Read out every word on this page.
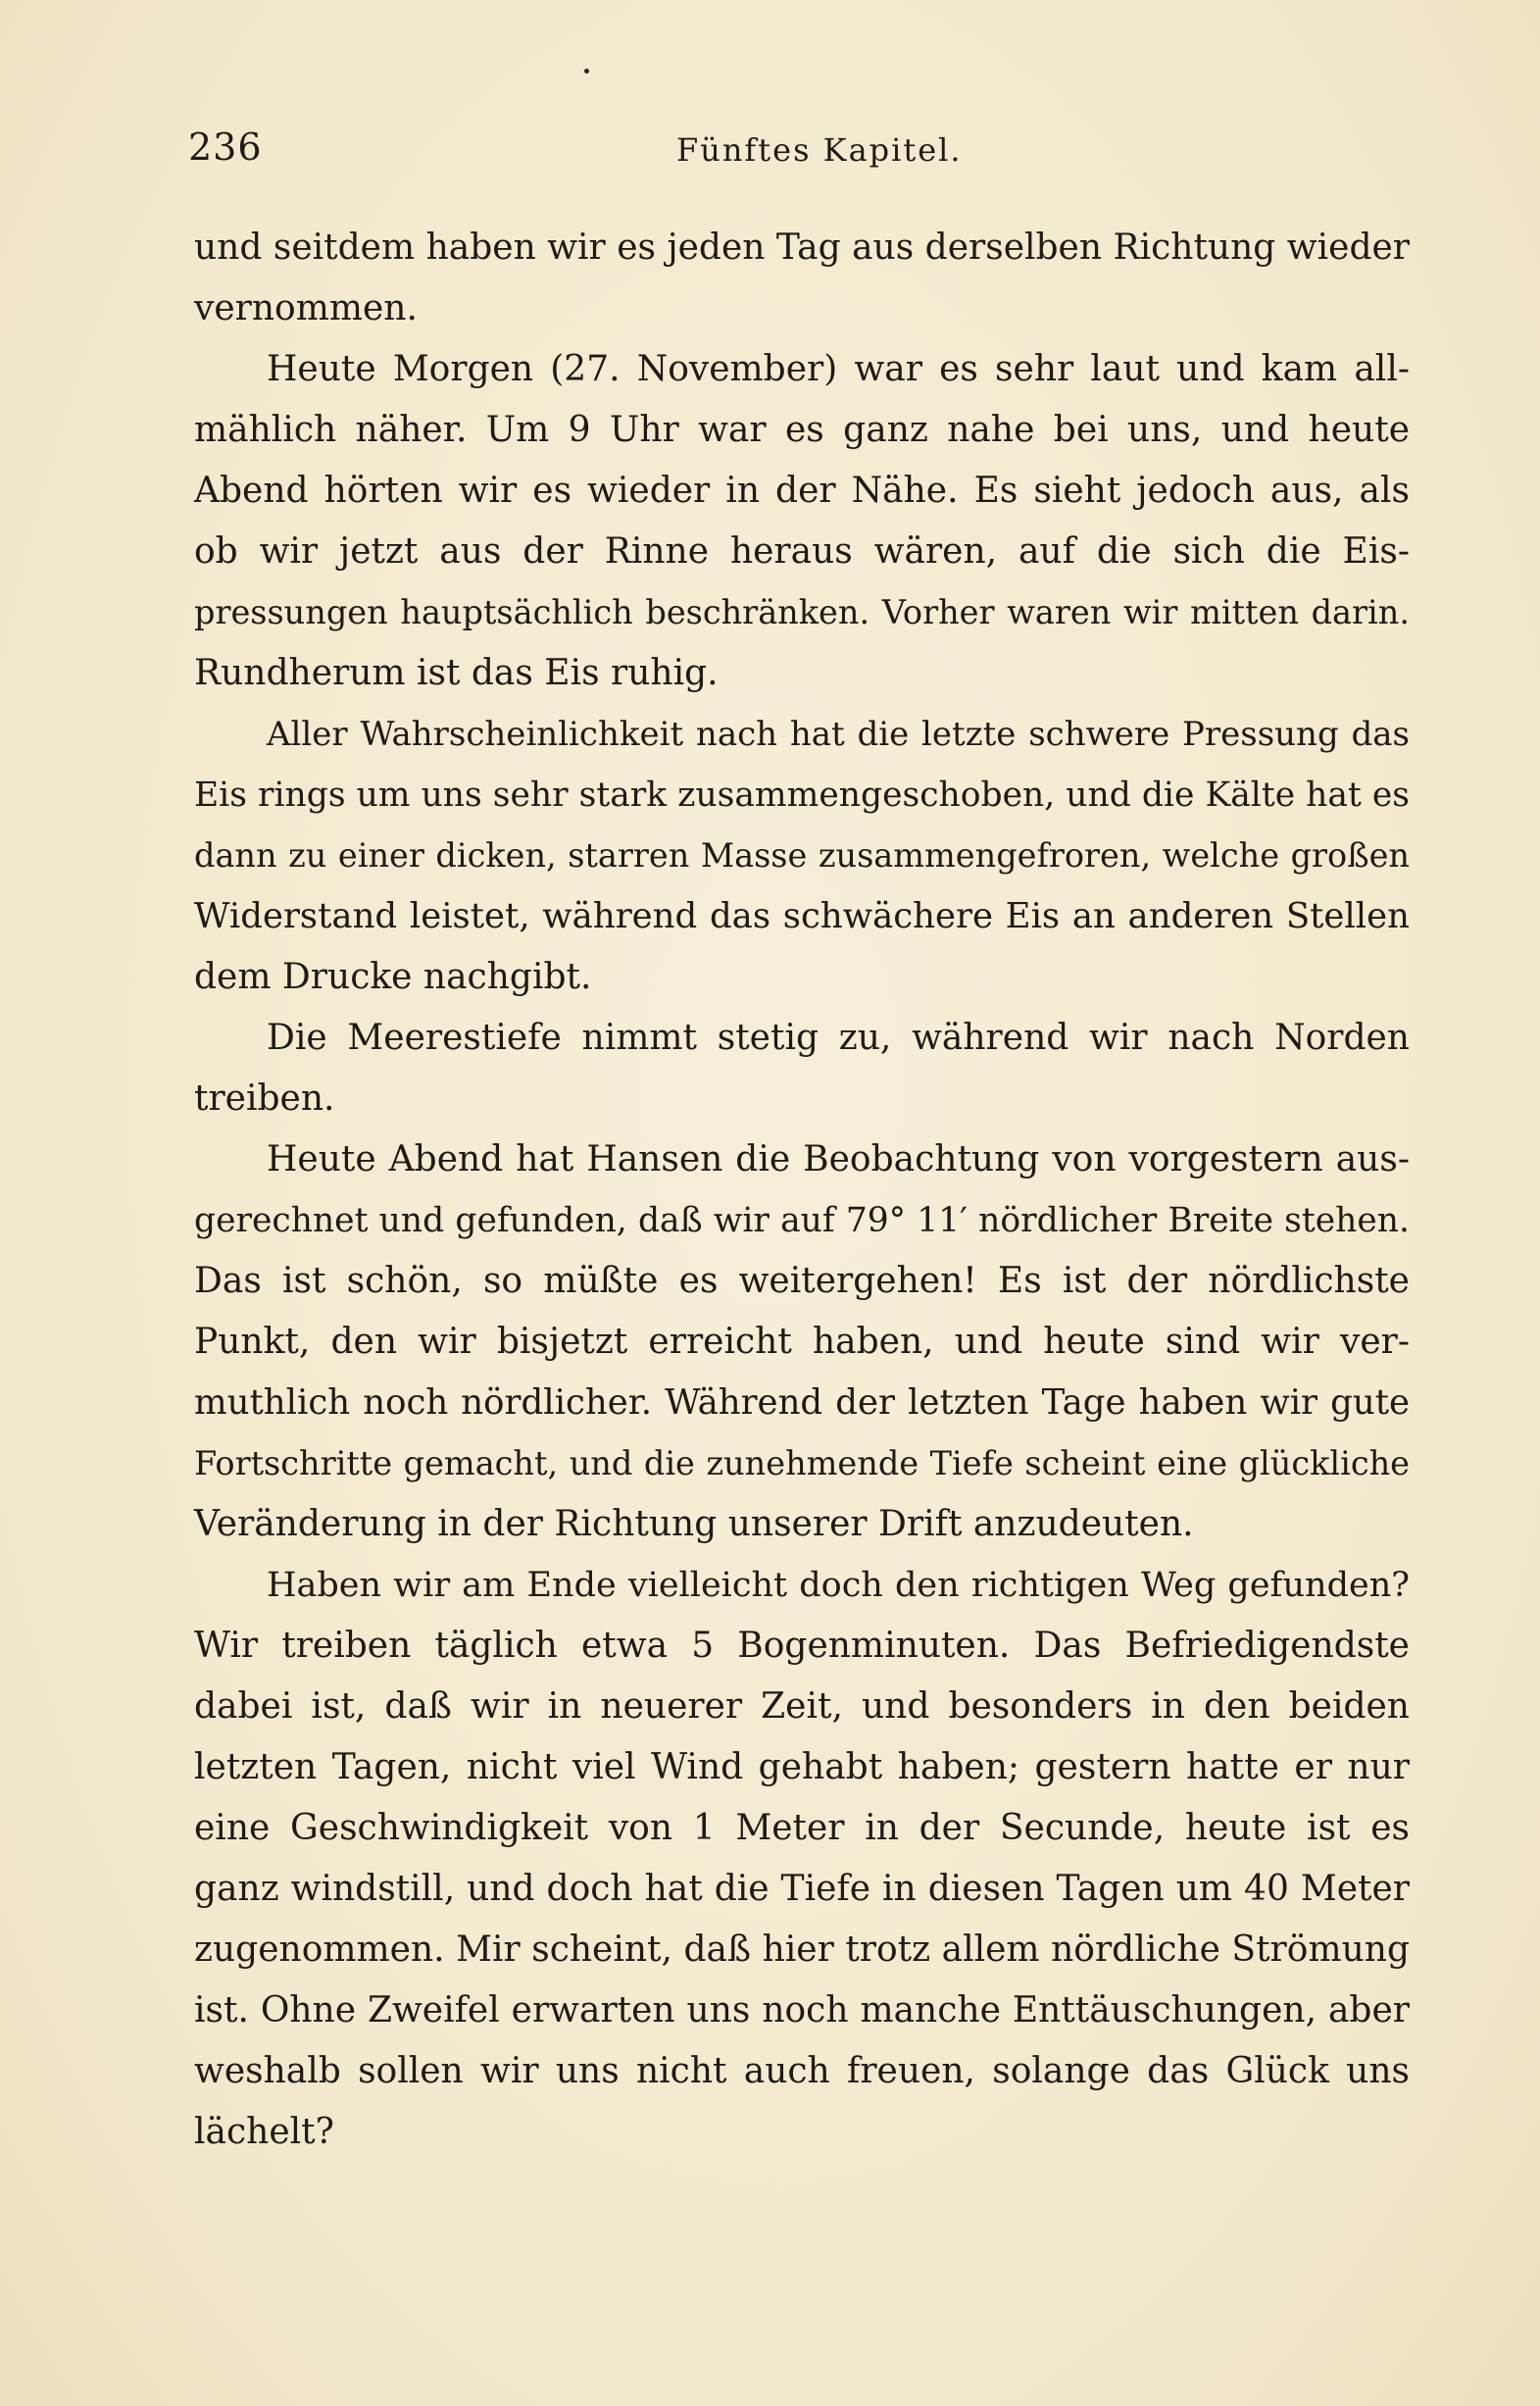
236	Fünftes Kapitel.
und seitdem haben wir es jeden Tag aus derselben Richtung wieder
vernommen.
Heute Morgen (27. November) war es sehr laut und kam all-
mählich näher. Um 9 Uhr war es ganz nahe bei uns, und heute
Abend hörten wir es wieder in der Nähe. Es sieht jedoch aus, als
ob wir jetzt aus der Rinne heraus wären, auf die sich die Eis-
pressungen hauptsächlich beschränken. Vorher waren wir mitten darin.
Rundherum ist das Eis ruhig.
Aller Wahrscheinlichkeit nach hat die letzte schwere Pressung das
Eis rings um uns sehr stark zusammengeschoben, und die Kälte hat es
dann zu einer dicken, starren Masse zusammengefroren, welche großen
Widerstand leistet, während das schwächere Eis an anderen Stellen
dem Drucke nachgibt.
Die Meerestiefe nimmt stetig zu, während wir nach Norden
treiben.
Heute Abend hat Hansen die Beobachtung von vorgestern aus-
gerechnet und gefunden, daß wir auf 79° 11′ nördlicher Breite stehen.
Das ist schön, so müßte es weitergehen! Es ist der nördlichste
Punkt, den wir bisjetzt erreicht haben, und heute sind wir ver-
muthlich noch nördlicher. Während der letzten Tage haben wir gute
Fortschritte gemacht, und die zunehmende Tiefe scheint eine glückliche
Veränderung in der Richtung unserer Drift anzudeuten.
Haben wir am Ende vielleicht doch den richtigen Weg gefunden?
Wir treiben täglich etwa 5 Bogenminuten. Das Befriedigendste
dabei ist, daß wir in neuerer Zeit, und besonders in den beiden
letzten Tagen, nicht viel Wind gehabt haben; gestern hatte er nur
eine Geschwindigkeit von 1 Meter in der Secunde, heute ist es
ganz windstill, und doch hat die Tiefe in diesen Tagen um 40 Meter
zugenommen. Mir scheint, daß hier trotz allem nördliche Strömung
ist. Ohne Zweifel erwarten uns noch manche Enttäuschungen, aber
weshalb sollen wir uns nicht auch freuen, solange das Glück uns
lächelt?
